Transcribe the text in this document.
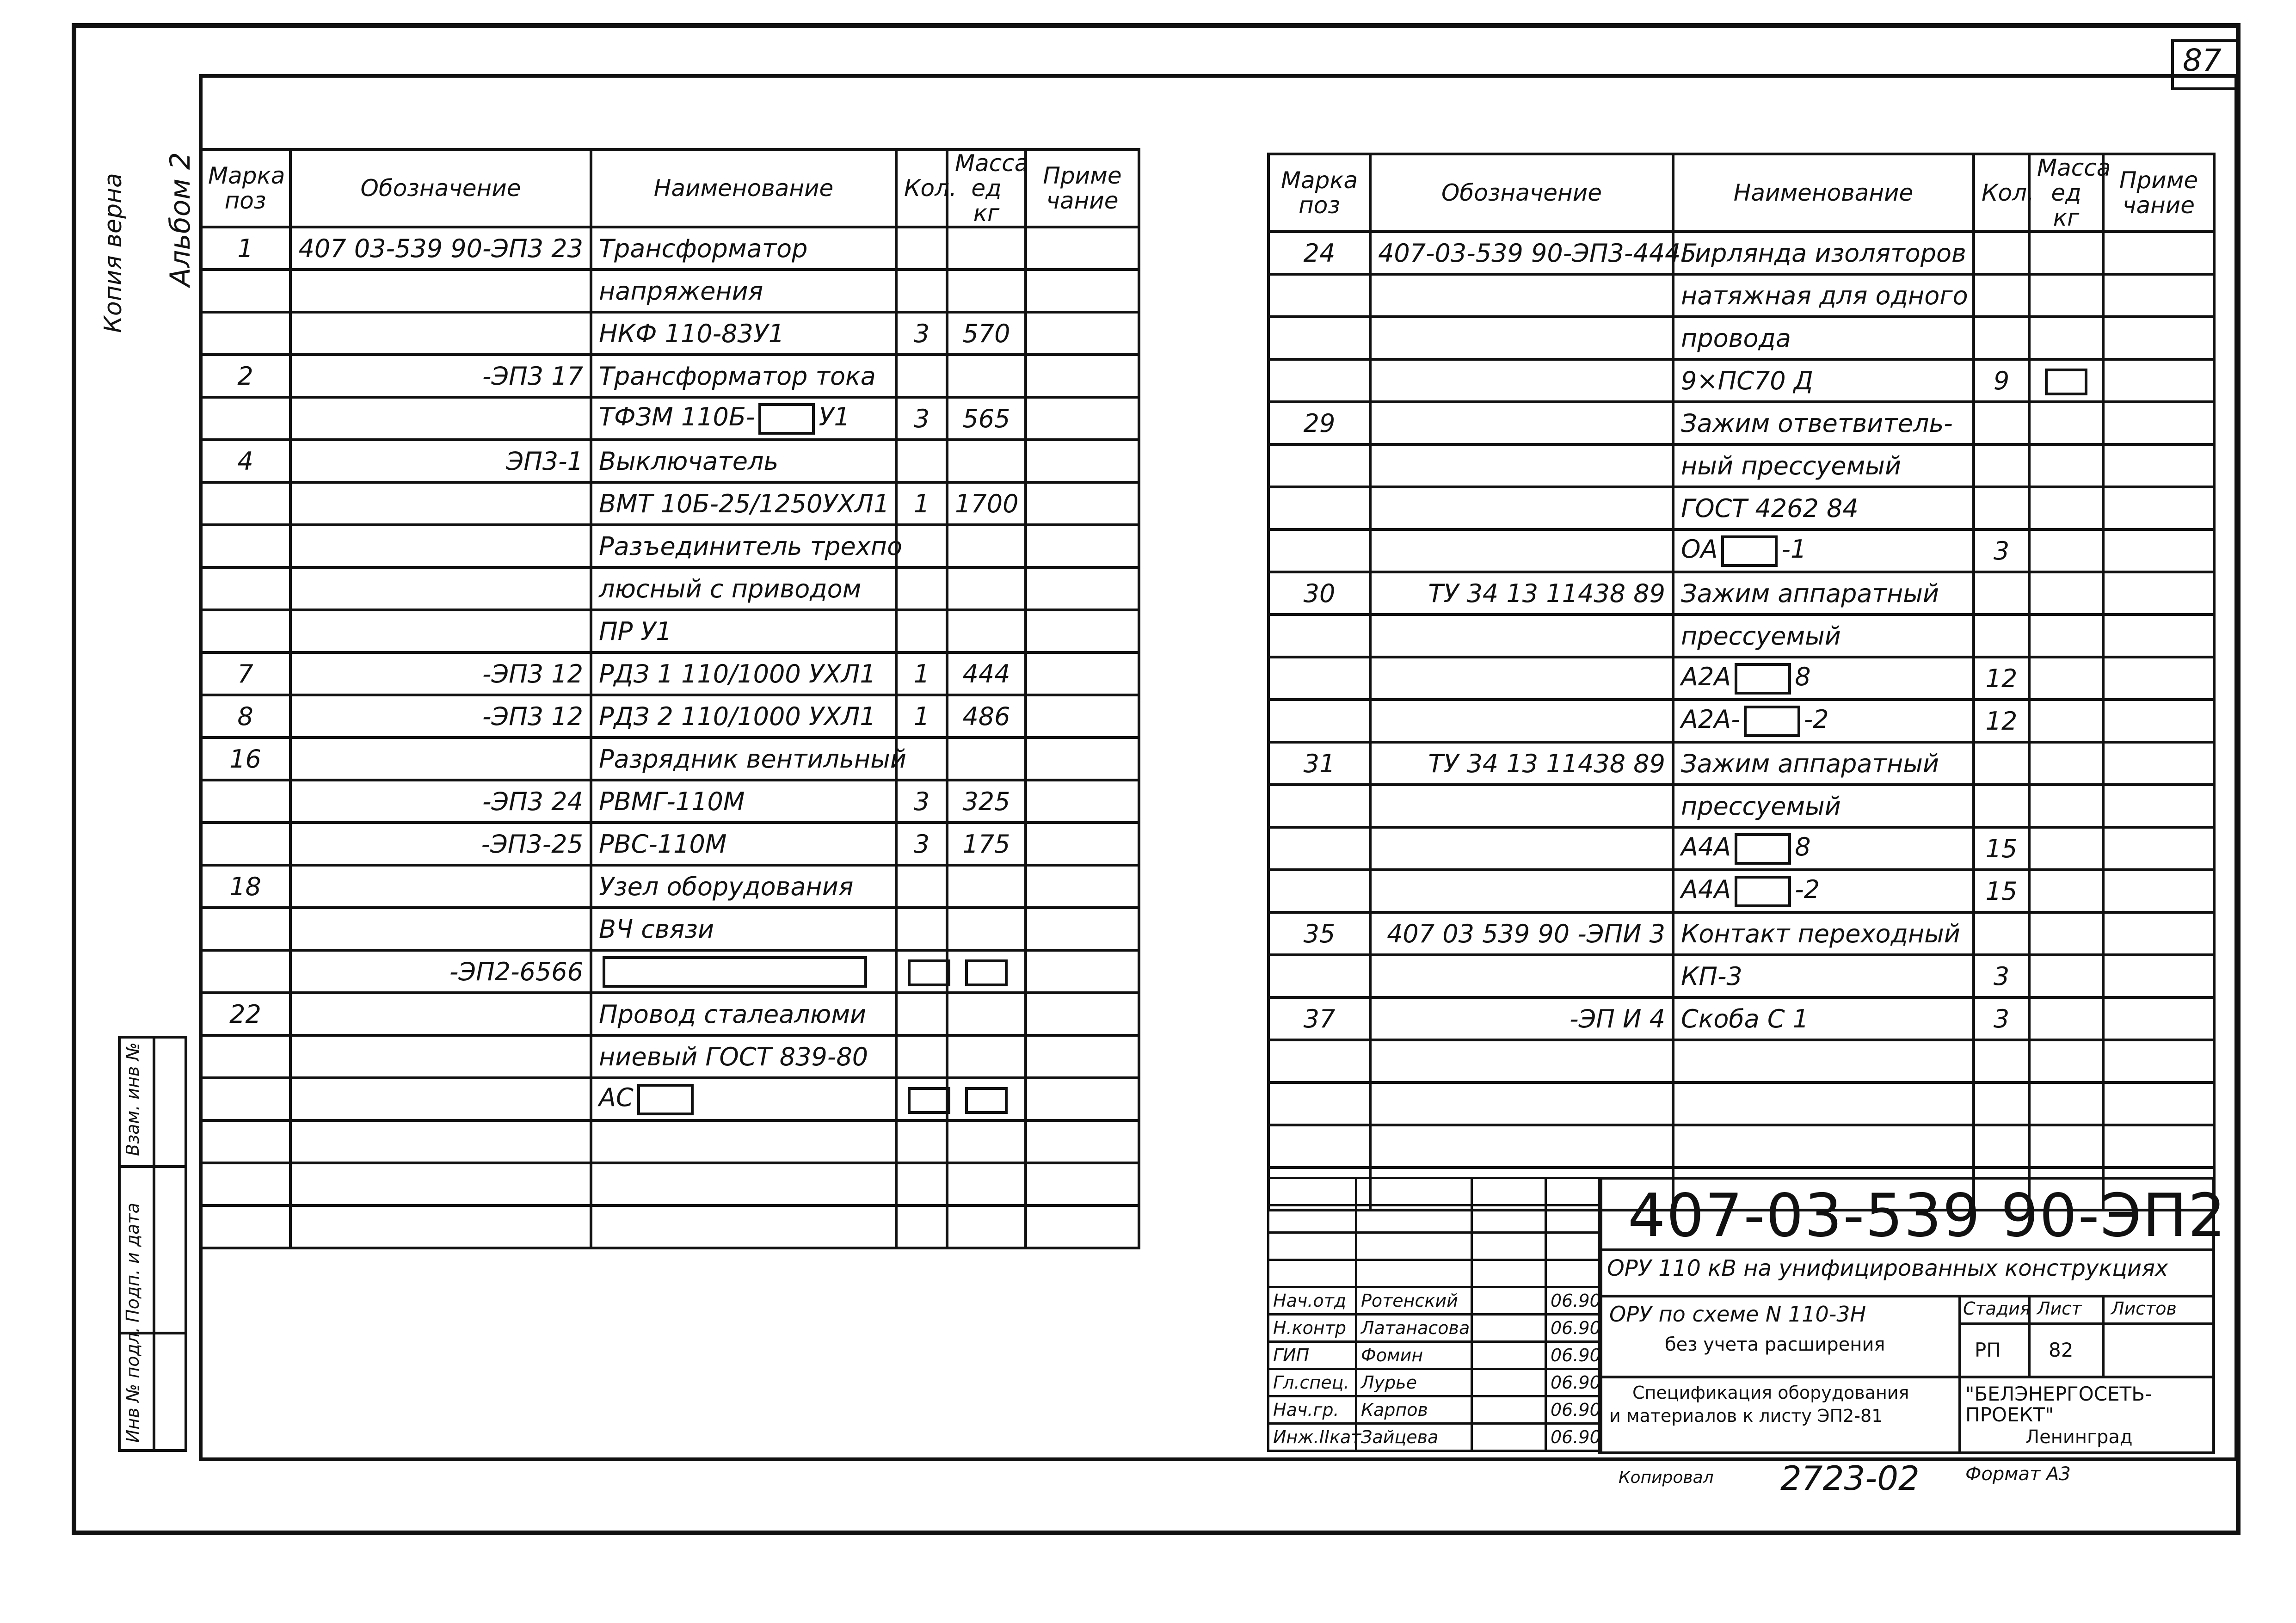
87
Копия верна Альбом 2
Инв № подл.
Подп. и дата
Взам. инв №
Марка поз	Обозначение	Наименование	Кол.	Масса ед кг	Приме чание
1	407 03-539 90-ЭП3 23	Трансформатор			
		напряжения			
		НКФ 110-83У1	3	570	
2	-ЭП3 17	Трансформатор тока			
		ТФЗМ 110Б- У1	3	565	
4	ЭП3-1	Выключатель			
		ВМТ 10Б-25/1250УХЛ1	1	1700	
		Разъединитель трехпо			
		люсный с приводом			
		ПР У1			
7	-ЭП3 12	РДЗ 1 110/1000 УХЛ1	1	444	
8	-ЭП3 12	РДЗ 2 110/1000 УХЛ1	1	486	
16		Разрядник вентильный			
	-ЭП3 24	РВМГ-110М	3	325	
	-ЭП3-25	РВС-110М	3	175	
18		Узел оборудования			
		ВЧ связи			
	-ЭП2-6566				
22		Провод сталеалюми			
		ниевый ГОСТ 839-80			
		АС			

Марка поз	Обозначение	Наименование	Кол.	Масса ед кг	Приме чание
24	407-03-539 90-ЭП3-4445	Гирлянда изоляторов			
		натяжная для одного			
		провода			
		9×ПС70 Д	9		
29		Зажим ответвитель-			
		ный прессуемый			
		ГОСТ 4262 84			
		ОА -1	3		
30	ТУ 34 13 11438 89	Зажим аппаратный			
		прессуемый			
		А2А 8	12		
		А2А- -2	12		
31	ТУ 34 13 11438 89	Зажим аппаратный			
		прессуемый			
		А4А 8	15		
		А4А -2	15		
35	407 03 539 90 -ЭПИ 3	Контакт переходный			
		КП-3	3		
37	-ЭП И 4	Скоба С 1	3		

Нач.отд	Ротенский		06.90
Н.контр	Латанасова		06.90
ГИП	Фомин		06.90
Гл.спец.	Лурье		06.90
Нач.гр.	Карпов		06.90
Инж.IIкат	Зайцева		06.90
407-03-539 90-ЭП2
ОРУ 110 кВ на унифицированных конструкциях
ОРУ по схеме N 110-3Н
без учета расширения
Спецификация оборудования
и материалов к листу ЭП2-81
Стадия Лист Листов
РП 82
"БЕЛЭНЕРГОСЕТЬ-
ПРОЕКТ"
Ленинград
Копировал 2723-02 Формат А3
